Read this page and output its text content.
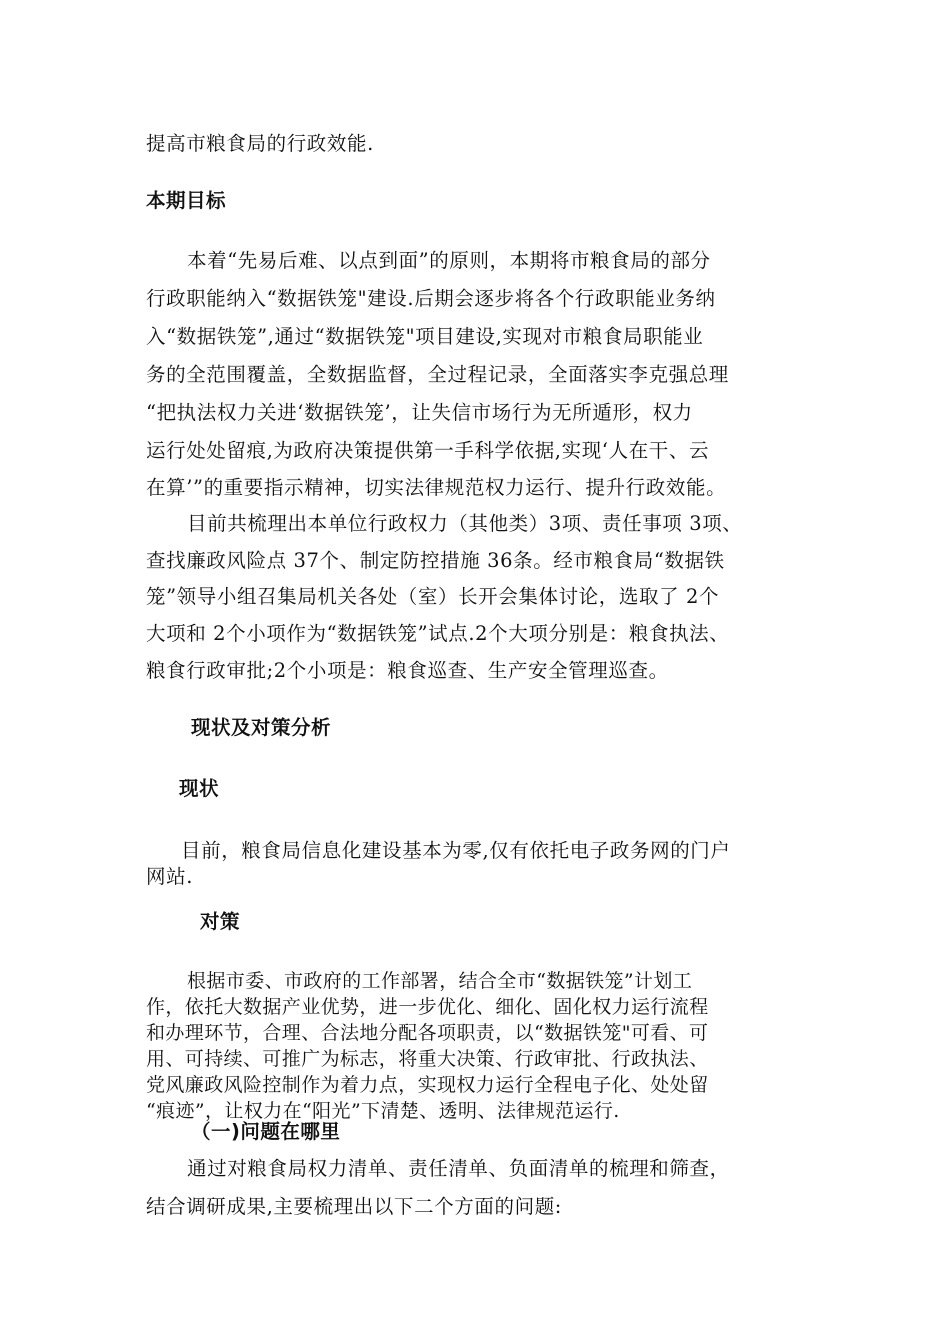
提高市粮食局的行政效能.

本期目标

本着“先易后难、以点到面”的原则，本期将市粮食局的部分

行政职能纳入“数据铁笼"建设.后期会逐步将各个行政职能业务纳

入“数据铁笼”,通过“数据铁笼"项目建设,实现对市粮食局职能业

务的全范围覆盖，全数据监督，全过程记录，全面落实李克强总理

“把执法权力关进‘数据铁笼’，让失信市场行为无所遁形，权力

运行处处留痕,为政府决策提供第一手科学依据,实现‘人在干、云

在算’”的重要指示精神，切实法律规范权力运行、提升行政效能。

目前共梳理出本单位行政权力（其他类）3项、责任事项 3项、

查找廉政风险点 37个、制定防控措施 36条。经市粮食局“数据铁

笼”领导小组召集局机关各处（室）长开会集体讨论，选取了 2个

大项和 2个小项作为“数据铁笼”试点.2个大项分别是：粮食执法、

粮食行政审批;2个小项是：粮食巡查、生产安全管理巡查。

现状及对策分析

现状

目前，粮食局信息化建设基本为零,仅有依托电子政务网的门户

网站.

对策

根据市委、市政府的工作部署，结合全市“数据铁笼”计划工

作，依托大数据产业优势，进一步优化、细化、固化权力运行流程

和办理环节，合理、合法地分配各项职责，以“数据铁笼"可看、可

用、可持续、可推广为标志，将重大决策、行政审批、行政执法、

党风廉政风险控制作为着力点，实现权力运行全程电子化、处处留

“痕迹”，让权力在“阳光”下清楚、透明、法律规范运行.

（一)问题在哪里

通过对粮食局权力清单、责任清单、负面清单的梳理和筛查，

结合调研成果,主要梳理出以下二个方面的问题:
